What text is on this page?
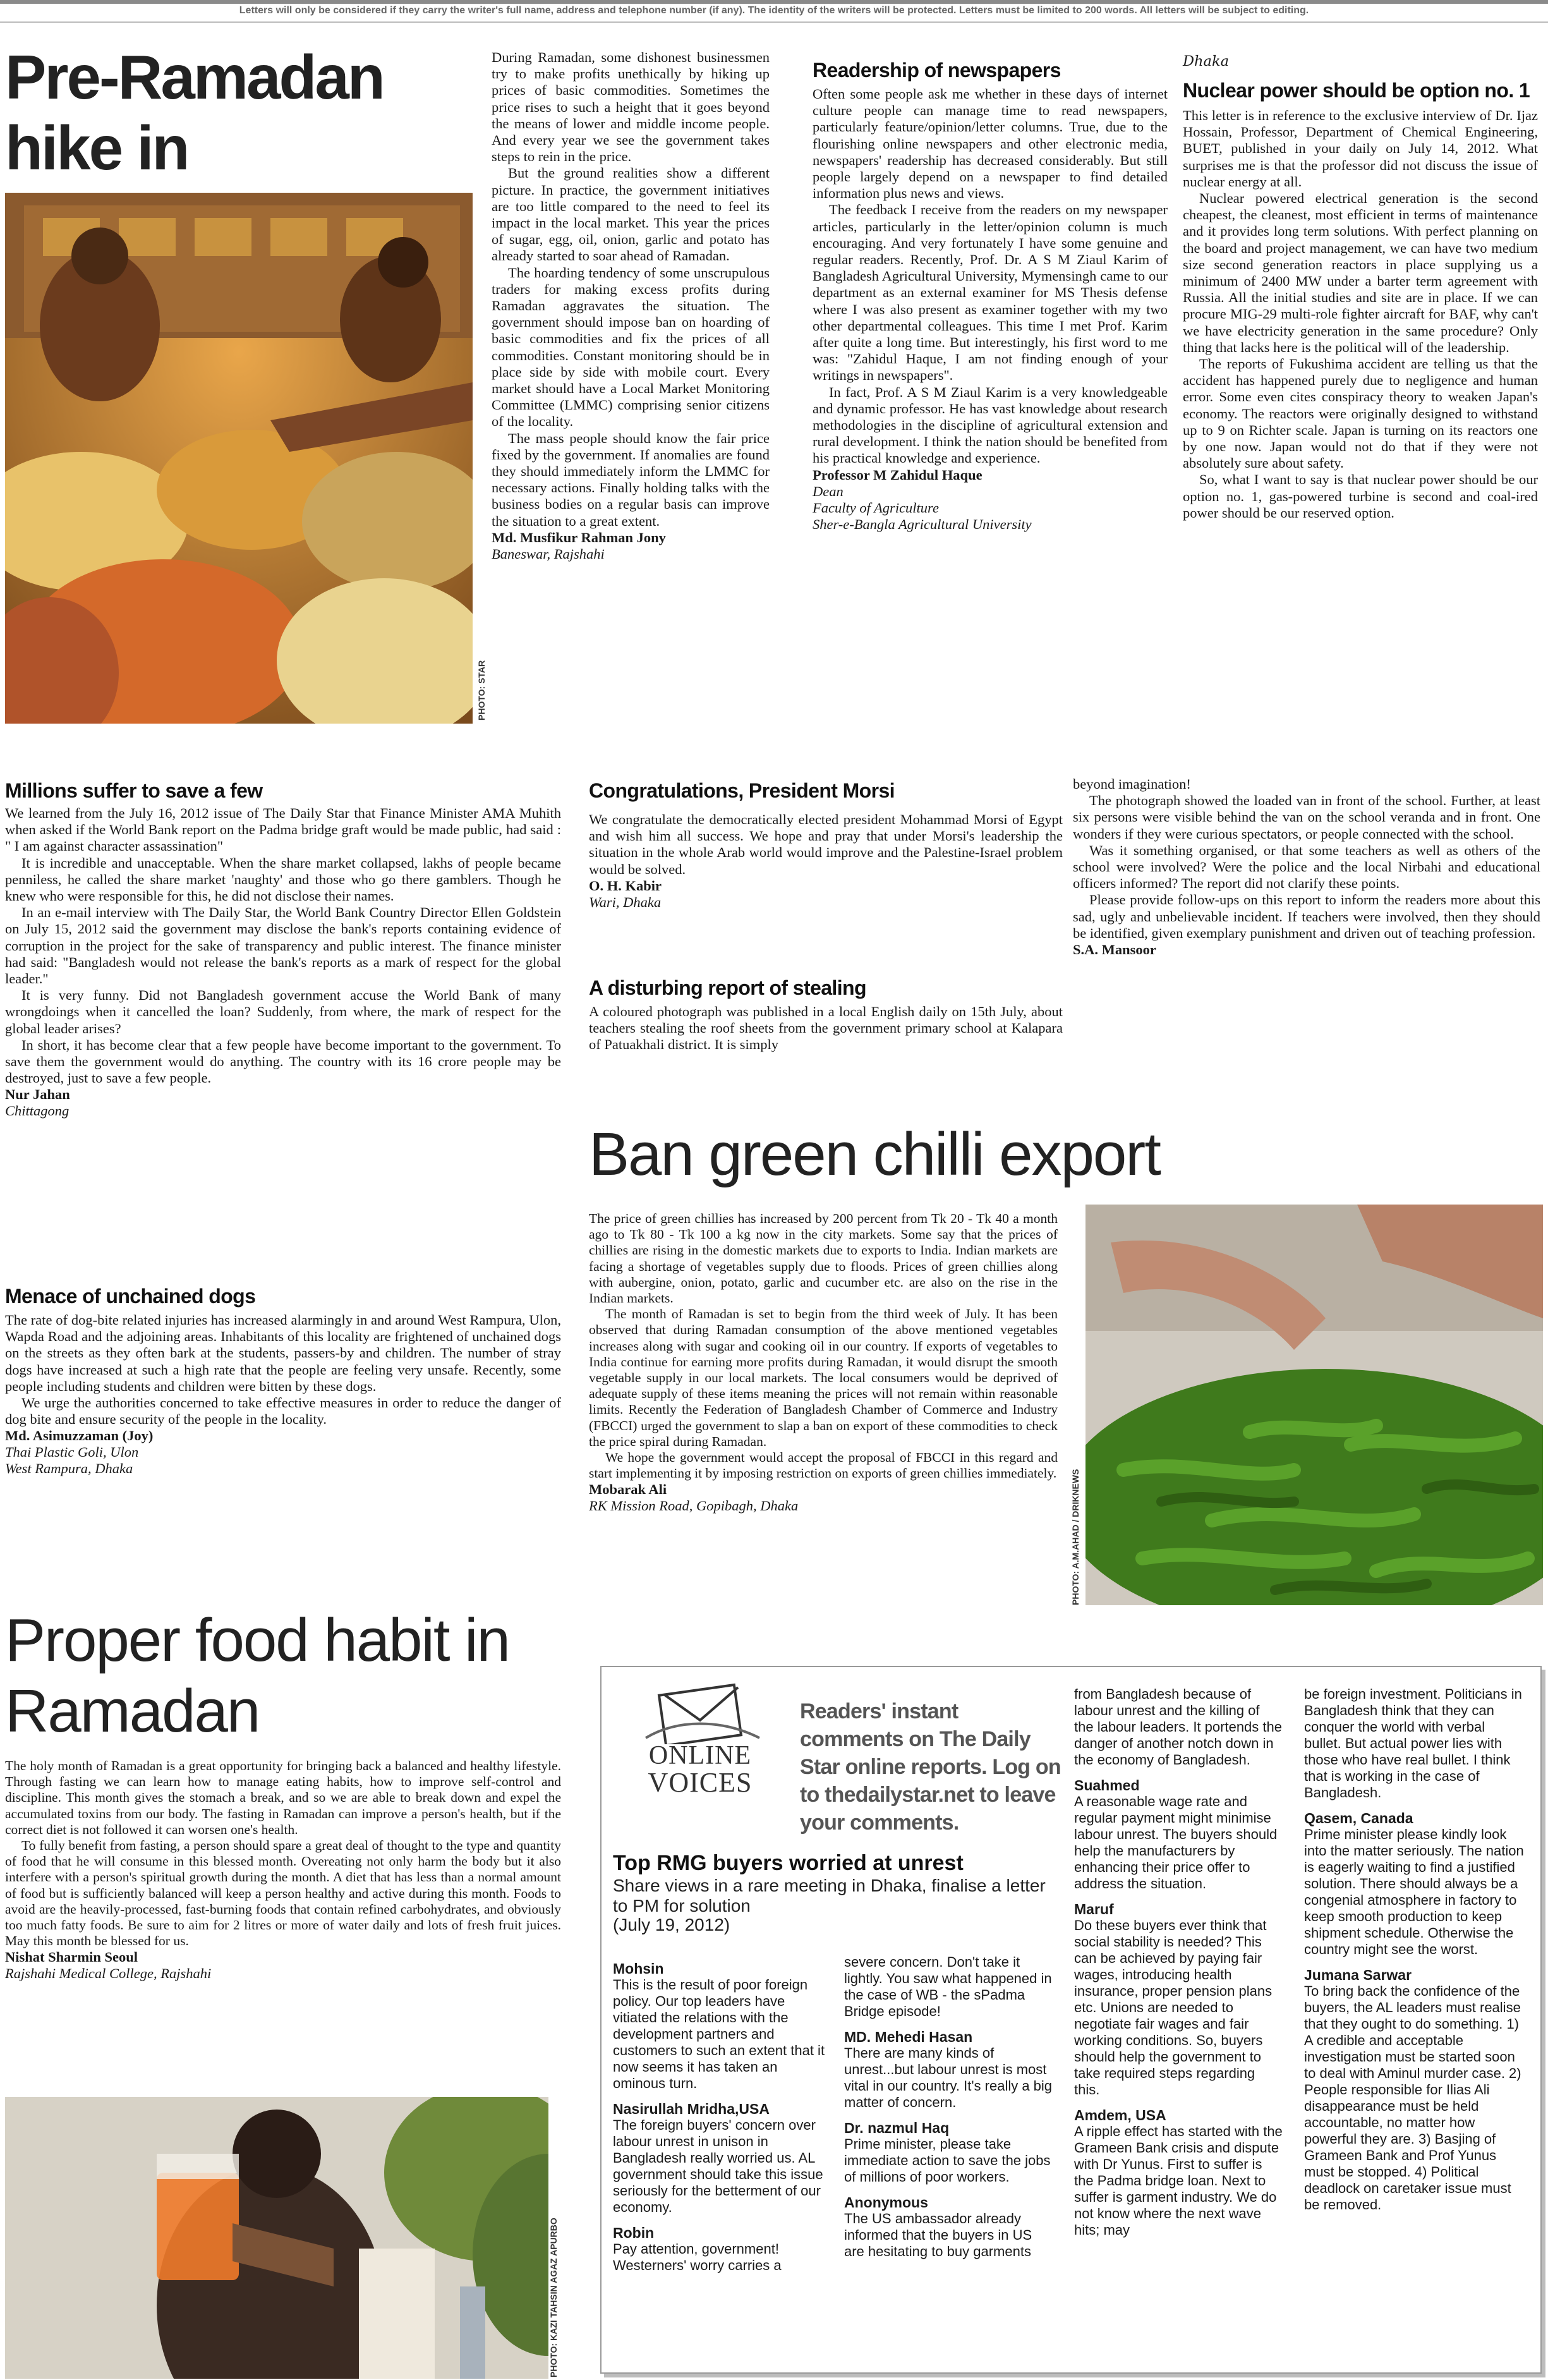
Letters will only be considered if they carry the writer's full name, address and telephone number (if any). The identity of the writers will be protected. Letters must be limited to 200 words. All letters will be subject to editing.
Pre-Ramadan hike in
PHOTO: STAR

During Ramadan, some dishonest businessmen try to make profits unethically by hiking up prices of basic commodities. Sometimes the price rises to such a height that it goes beyond the means of lower and middle income people. And every year we see the government takes steps to rein in the price.

But the ground realities show a different picture. In practice, the government initiatives are too little compared to the need to feel its impact in the local market. This year the prices of sugar, egg, oil, onion, garlic and potato has already started to soar ahead of Ramadan.

The hoarding tendency of some unscrupulous traders for making excess profits during Ramadan aggravates the situation. The government should impose ban on hoarding of basic commodities and fix the prices of all commodities. Constant monitoring should be in place side by side with mobile court. Every market should have a Local Market Monitoring Committee (LMMC) comprising senior citizens of the locality.

The mass people should know the fair price fixed by the government. If anomalies are found they should immediately inform the LMMC for necessary actions. Finally holding talks with the business bodies on a regular basis can improve the situation to a great extent.

Md. Musfikur Rahman Jony
Baneswar, Rajshahi
Readership of newspapers

Often some people ask me whether in these days of internet culture people can manage time to read newspapers, particularly feature/opinion/letter columns. True, due to the flourishing online newspapers and other electronic media, newspapers' readership has decreased considerably. But still people largely depend on a newspaper to find detailed information plus news and views.

The feedback I receive from the readers on my newspaper articles, particularly in the letter/opinion column is much encouraging. And very fortunately I have some genuine and regular readers. Recently, Prof. Dr. A S M Ziaul Karim of Bangladesh Agricultural University, Mymensingh came to our department as an external examiner for MS Thesis defense where I was also present as examiner together with my two other departmental colleagues. This time I met Prof. Karim after quite a long time. But interestingly, his first word to me was: "Zahidul Haque, I am not finding enough of your writings in newspapers".

In fact, Prof. A S M Ziaul Karim is a very knowledgeable and dynamic professor. He has vast knowledge about research methodologies in the discipline of agricultural extension and rural development. I think the nation should be benefited from his practical knowledge and experience.

Professor M Zahidul Haque
Dean
Faculty of Agriculture
Sher-e-Bangla Agricultural University
Dhaka
Nuclear power should be option no. 1

This letter is in reference to the exclusive interview of Dr. Ijaz Hossain, Professor, Department of Chemical Engineering, BUET, published in your daily on July 14, 2012. What surprises me is that the professor did not discuss the issue of nuclear energy at all.

Nuclear powered electrical generation is the second cheapest, the cleanest, most efficient in terms of maintenance and it provides long term solutions. With perfect planning on the board and project management, we can have two medium size second generation reactors in place supplying us a minimum of 2400 MW under a barter term agreement with Russia. All the initial studies and site are in place. If we can procure MIG-29 multi-role fighter aircraft for BAF, why can't we have electricity generation in the same procedure? Only thing that lacks here is the political will of the leadership.

The reports of Fukushima accident are telling us that the accident has happened purely due to negligence and human error. Some even cites conspiracy theory to weaken Japan's economy. The reactors were originally designed to withstand up to 9 on Richter scale. Japan is turning on its reactors one by one now. Japan would not do that if they were not absolutely sure about safety.

So, what I want to say is that nuclear power should be our option no. 1, gas-powered turbine is second and coal-ired power should be our reserved option.

Millions suffer to save a few

We learned from the July 16, 2012 issue of The Daily Star that Finance Minister AMA Muhith when asked if the World Bank report on the Padma bridge graft would be made public, had said : " I am against character assassination"

It is incredible and unacceptable. When the share market collapsed, lakhs of people became penniless, he called the share market 'naughty' and those who go there gamblers. Though he knew who were responsible for this, he did not disclose their names.

In an e-mail interview with The Daily Star, the World Bank Country Director Ellen Goldstein on July 15, 2012 said the government may disclose the bank's reports containing evidence of corruption in the project for the sake of transparency and public interest. The finance minister had said: "Bangladesh would not release the bank's reports as a mark of respect for the global leader."

It is very funny. Did not Bangladesh government accuse the World Bank of many wrongdoings when it cancelled the loan? Suddenly, from where, the mark of respect for the global leader arises?

In short, it has become clear that a few people have become important to the government. To save them the government would do anything. The country with its 16 crore people may be destroyed, just to save a few people.

Nur Jahan
Chittagong
Menace of unchained dogs

The rate of dog-bite related injuries has increased alarmingly in and around West Rampura, Ulon, Wapda Road and the adjoining areas. Inhabitants of this locality are frightened of unchained dogs on the streets as they often bark at the students, passers-by and children. The number of stray dogs have increased at such a high rate that the people are feeling very unsafe. Recently, some people including students and children were bitten by these dogs.

We urge the authorities concerned to take effective measures in order to reduce the danger of dog bite and ensure security of the people in the locality.

Md. Asimuzzaman (Joy)
Thai Plastic Goli, Ulon
West Rampura, Dhaka
Congratulations, President Morsi

We congratulate the democratically elected president Mohammad Morsi of Egypt and wish him all success. We hope and pray that under Morsi's leadership the situation in the whole Arab world would improve and the Palestine-Israel problem would be solved.

O. H. Kabir
Wari, Dhaka
A disturbing report of stealing

A coloured photograph was published in a local English daily on 15th July, about teachers stealing the roof sheets from the government primary school at Kalapara of Patuakhali district. It is simply

beyond imagination!

The photograph showed the loaded van in front of the school. Further, at least six persons were visible behind the van on the school veranda and in front. One wonders if they were curious spectators, or people connected with the school.

Was it something organised, or that some teachers as well as others of the school were involved? Were the police and the local Nirbahi and educational officers informed? The report did not clarify these points.

Please provide follow-ups on this report to inform the readers more about this sad, ugly and unbelievable incident. If teachers were involved, then they should be identified, given exemplary punishment and driven out of teaching profession.

S.A. Mansoor
Ban green chilli export

The price of green chillies has increased by 200 percent from Tk 20 - Tk 40 a month ago to Tk 80 - Tk 100 a kg now in the city markets. Some say that the prices of chillies are rising in the domestic markets due to exports to India. Indian markets are facing a shortage of vegetables supply due to floods. Prices of green chillies along with aubergine, onion, potato, garlic and cucumber etc. are also on the rise in the Indian markets.

The month of Ramadan is set to begin from the third week of July. It has been observed that during Ramadan consumption of the above mentioned vegetables increases along with sugar and cooking oil in our country. If exports of vegetables to India continue for earning more profits during Ramadan, it would disrupt the smooth vegetable supply in our local markets. The local consumers would be deprived of adequate supply of these items meaning the prices will not remain within reasonable limits. Recently the Federation of Bangladesh Chamber of Commerce and Industry (FBCCI) urged the government to slap a ban on export of these commodities to check the price spiral during Ramadan.

We hope the government would accept the proposal of FBCCI in this regard and start implementing it by imposing restriction on exports of green chillies immediately.

Mobarak Ali
RK Mission Road, Gopibagh, Dhaka	PHOTO: A.M.AHAD / DRIKNEWS
Proper food habit in Ramadan

The holy month of Ramadan is a great opportunity for bringing back a balanced and healthy lifestyle. Through fasting we can learn how to manage eating habits, how to improve self-control and discipline. This month gives the stomach a break, and so we are able to break down and expel the accumulated toxins from our body. The fasting in Ramadan can improve a person's health, but if the correct diet is not followed it can worsen one's health.

To fully benefit from fasting, a person should spare a great deal of thought to the type and quantity of food that he will consume in this blessed month. Overeating not only harm the body but it also interfere with a person's spiritual growth during the month. A diet that has less than a normal amount of food but is sufficiently balanced will keep a person healthy and active during this month. Foods to avoid are the heavily-processed, fast-burning foods that contain refined carbohydrates, and obviously too much fatty foods. Be sure to aim for 2 litres or more of water daily and lots of fresh fruit juices. May this month be blessed for us.

Nishat Sharmin Seoul
Rajshahi Medical College, Rajshahi
PHOTO: KAZI TAHSIN AGAZ APURBO
ONLINE
VOICES
Readers' instant comments on The Daily Star online reports. Log on to thedailystar.net to leave your comments.
Top RMG buyers worried at unrest
Share views in a rare meeting in Dhaka, finalise a letter to PM for solution
(July 19, 2012)
Mohsin

This is the result of poor foreign policy. Our top leaders have vitiated the relations with the development partners and customers to such an extent that it now seems it has taken an ominous turn.

Nasirullah Mridha,USA

The foreign buyers' concern over labour unrest in unison in Bangladesh really worried us. AL government should take this issue seriously for the betterment of our economy.

Robin

Pay attention, government! Westerners' worry carries a

severe concern. Don't take it lightly. You saw what happened in the case of WB - the sPadma Bridge episode!

MD. Mehedi Hasan

There are many kinds of unrest...but labour unrest is most vital in our country. It's really a big matter of concern.

Dr. nazmul Haq

Prime minister, please take immediate action to save the jobs of millions of poor workers.

Anonymous

The US ambassador already informed that the buyers in US are hesitating to buy garments

from Bangladesh because of labour unrest and the killing of the labour leaders. It portends the danger of another notch down in the economy of Bangladesh.

Suahmed

A reasonable wage rate and regular payment might minimise labour unrest. The buyers should help the manufacturers by enhancing their price offer to address the situation.

Maruf

Do these buyers ever think that social stability is needed? This can be achieved by paying fair wages, introducing health insurance, proper pension plans etc. Unions are needed to negotiate fair wages and fair working conditions. So, buyers should help the government to take required steps regarding this.

Amdem, USA

A ripple effect has started with the Grameen Bank crisis and dispute with Dr Yunus. First to suffer is the Padma bridge loan. Next to suffer is garment industry. We do not know where the next wave hits; may

be foreign investment. Politicians in Bangladesh think that they can conquer the world with verbal bullet. But actual power lies with those who have real bullet. I think that is working in the case of Bangladesh.

Qasem, Canada

Prime minister please kindly look into the matter seriously. The nation is eagerly waiting to find a justified solution. There should always be a congenial atmosphere in factory to keep smooth production to keep shipment schedule. Otherwise the country might see the worst.

Jumana Sarwar

To bring back the confidence of the buyers, the AL leaders must realise that they ought to do something. 1) A credible and acceptable investigation must be started soon to deal with Aminul murder case. 2) People responsible for Ilias Ali disappearance must be held accountable, no matter how powerful they are. 3) Basjing of Grameen Bank and Prof Yunus must be stopped. 4) Political deadlock on caretaker issue must be removed.
